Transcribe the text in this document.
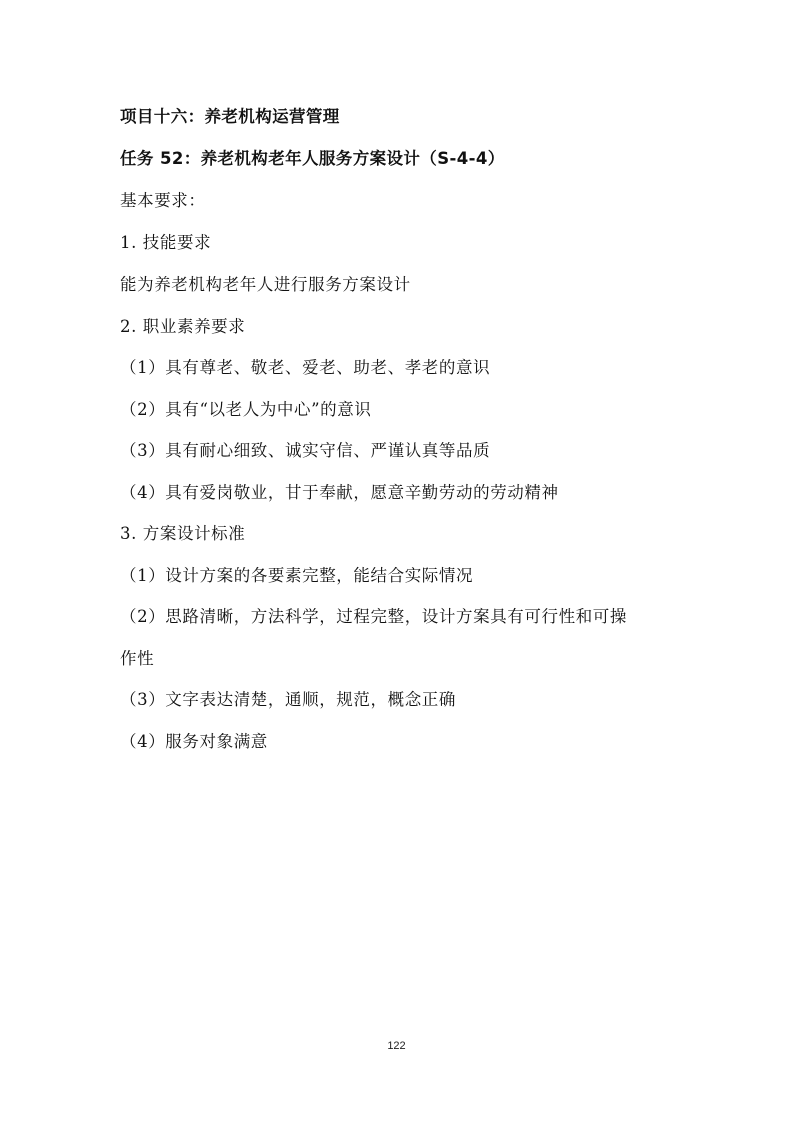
项目十六：养老机构运营管理
任务 52：养老机构老年人服务方案设计（S-4-4）
基本要求：
1. 技能要求
能为养老机构老年人进行服务方案设计
2. 职业素养要求
（1）具有尊老、敬老、爱老、助老、孝老的意识
（2）具有“以老人为中心”的意识
（3）具有耐心细致、诚实守信、严谨认真等品质
（4）具有爱岗敬业，甘于奉献，愿意辛勤劳动的劳动精神
3. 方案设计标准
（1）设计方案的各要素完整，能结合实际情况
（2）思路清晰，方法科学，过程完整，设计方案具有可行性和可操
作性
（3）文字表达清楚，通顺，规范，概念正确
（4）服务对象满意
122
